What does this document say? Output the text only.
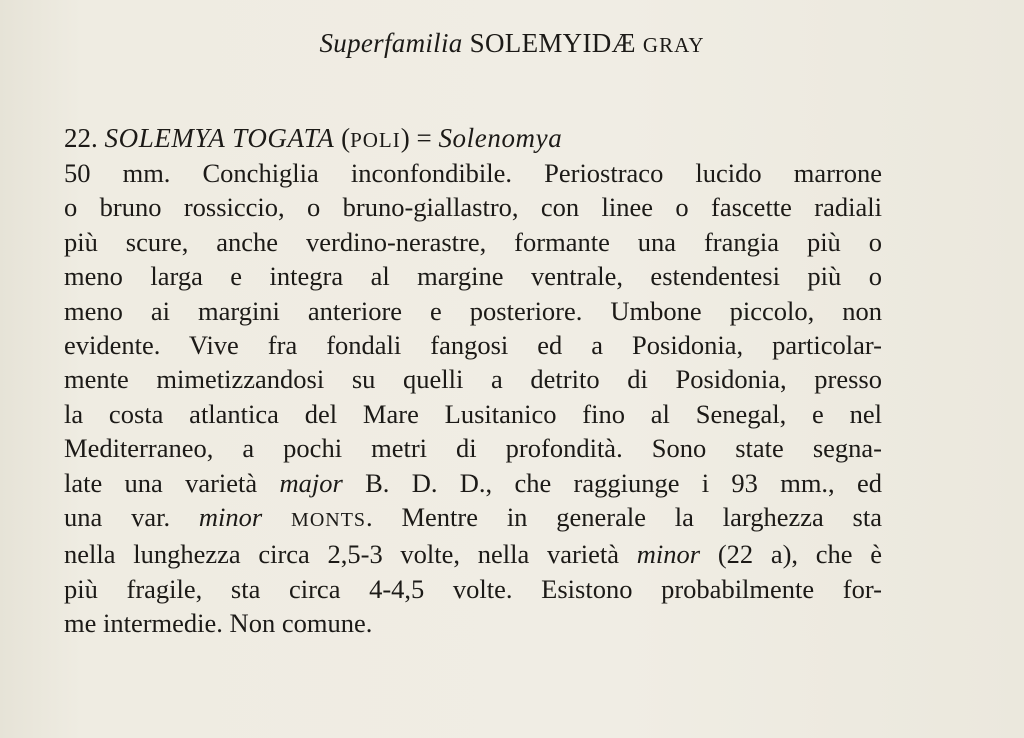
Superfamilia SOLEMYIDÆ GRAY
22. SOLEMYA TOGATA (POLI) = Solenomya
50 mm. Conchiglia inconfondibile. Periostraco lucido marrone
o bruno rossiccio, o bruno-giallastro, con linee o fascette radiali
più scure, anche verdino-nerastre, formante una frangia più o
meno larga e integra al margine ventrale, estendentesi più o
meno ai margini anteriore e posteriore. Umbone piccolo, non
evidente. Vive fra fondali fangosi ed a Posidonia, particolar-
mente mimetizzandosi su quelli a detrito di Posidonia, presso
la costa atlantica del Mare Lusitanico fino al Senegal, e nel
Mediterraneo, a pochi metri di profondità. Sono state segna-
late una varietà major B. D. D., che raggiunge i 93 mm., ed
una var. minor MONTS. Mentre in generale la larghezza sta
nella lunghezza circa 2,5-3 volte, nella varietà minor (22 a), che è
più fragile, sta circa 4-4,5 volte. Esistono probabilmente for-
me intermedie. Non comune.
